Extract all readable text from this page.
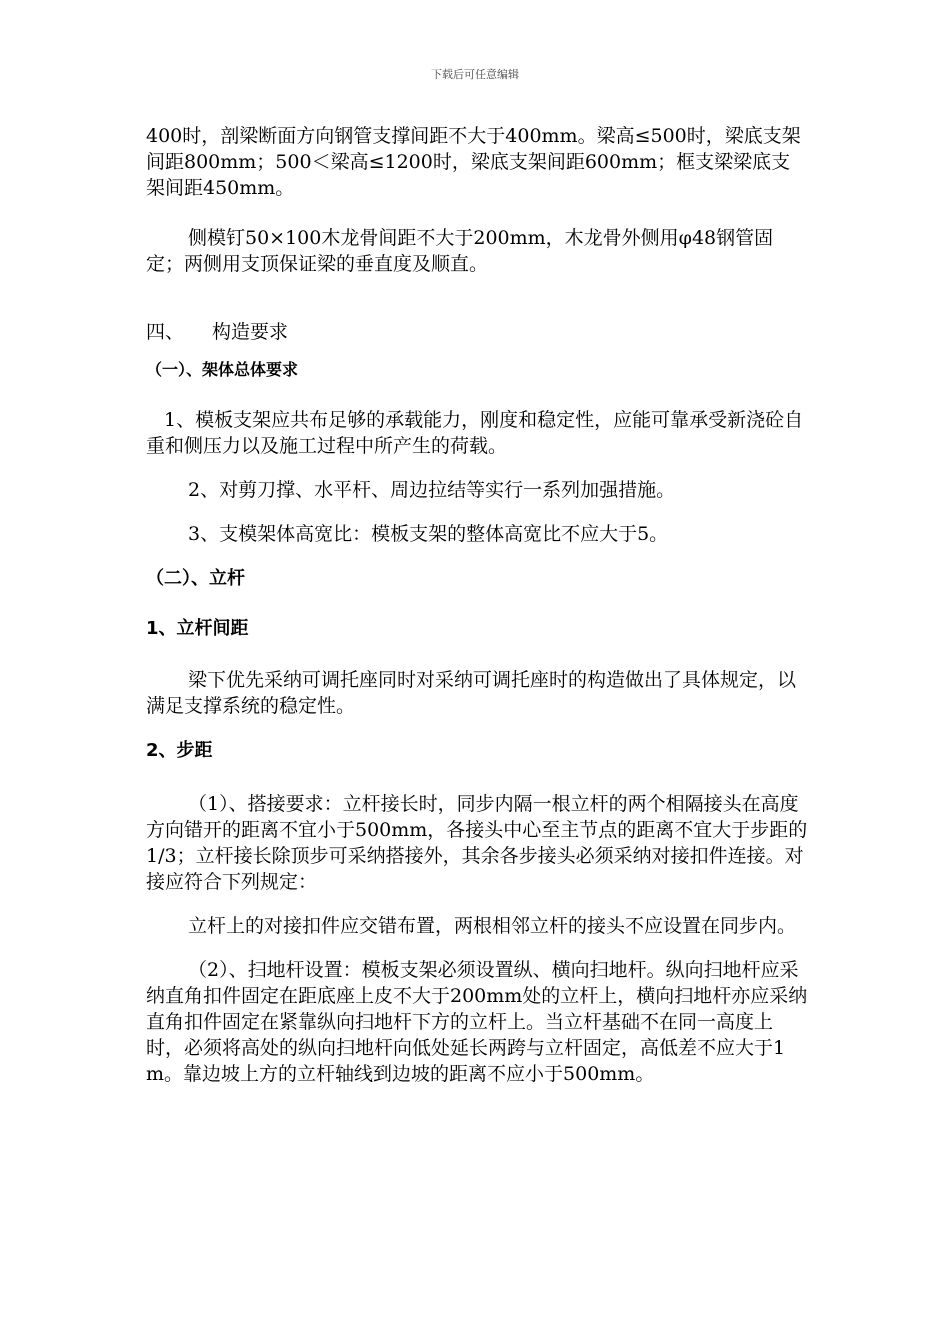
下载后可任意编辑

400时，剖梁断面方向钢管支撑间距不大于400mm。梁高≤500时，梁底支架间距800mm；500＜梁高≤1200时，梁底支架间距600mm；框支梁梁底支架间距450mm。

侧模钉50×100木龙骨间距不大于200mm，木龙骨外侧用φ48钢管固定；两侧用支顶保证梁的垂直度及顺直。

四、 构造要求

（一）、架体总体要求

1、模板支架应共布足够的承载能力，刚度和稳定性，应能可靠承受新浇砼自重和侧压力以及施工过程中所产生的荷载。

2、对剪刀撑、水平杆、周边拉结等实行一系列加强措施。

3、支模架体高宽比：模板支架的整体高宽比不应大于5。

（二）、立杆

1、立杆间距

梁下优先采纳可调托座同时对采纳可调托座时的构造做出了具体规定，以满足支撑系统的稳定性。

2、步距

（1）、搭接要求：立杆接长时，同步内隔一根立杆的两个相隔接头在高度方向错开的距离不宜小于500mm，各接头中心至主节点的距离不宜大于步距的1/3；立杆接长除顶步可采纳搭接外，其余各步接头必须采纳对接扣件连接。对接应符合下列规定：

立杆上的对接扣件应交错布置，两根相邻立杆的接头不应设置在同步内。

（2）、扫地杆设置：模板支架必须设置纵、横向扫地杆。纵向扫地杆应采纳直角扣件固定在距底座上皮不大于200mm处的立杆上，横向扫地杆亦应采纳直角扣件固定在紧靠纵向扫地杆下方的立杆上。当立杆基础不在同一高度上时，必须将高处的纵向扫地杆向低处延长两跨与立杆固定，高低差不应大于1m。靠边坡上方的立杆轴线到边坡的距离不应小于500mm。
